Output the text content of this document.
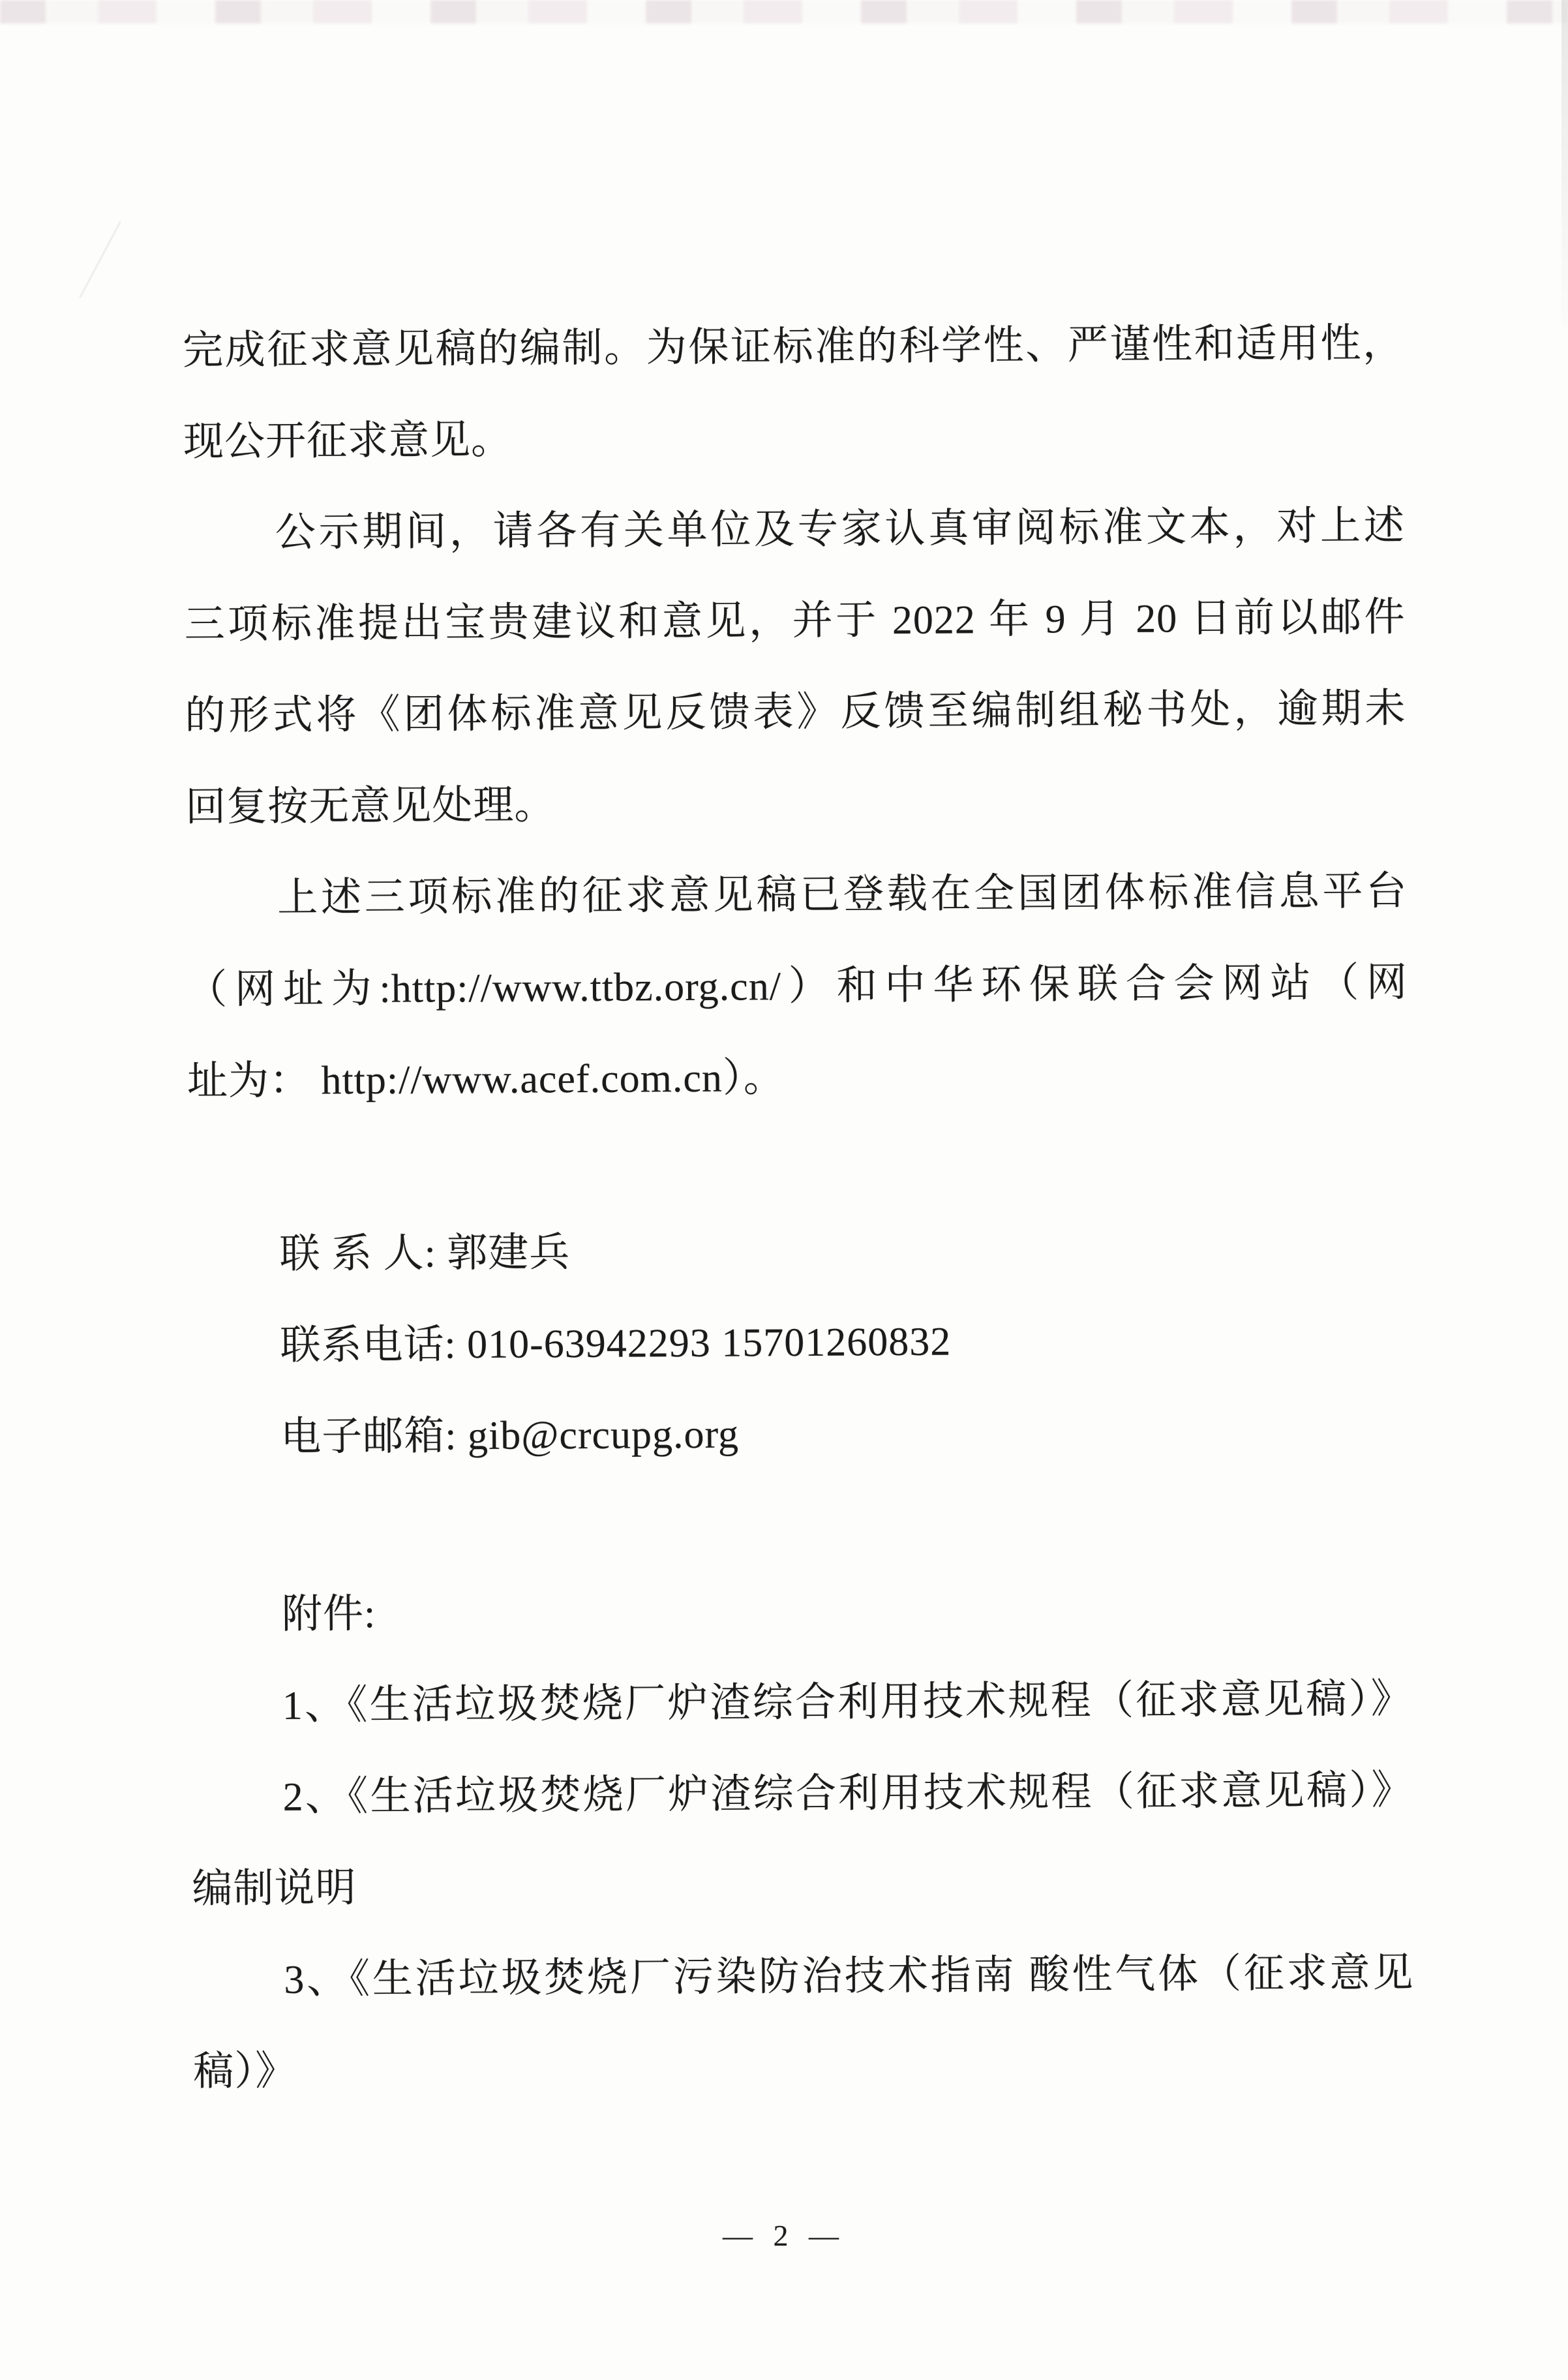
完成征求意见稿的编制。为保证标准的科学性、严谨性和适用性，
现公开征求意见。
公示期间，请各有关单位及专家认真审阅标准文本，对上述
三项标准提出宝贵建议和意见，并于 2022 年 9 月 20 日前以邮件
的形式将《团体标准意见反馈表》反馈至编制组秘书处，逾期未
回复按无意见处理。
上述三项标准的征求意见稿已登载在全国团体标准信息平台
（网址为:http://www.ttbz.org.cn/）和中华环保联合会网站（网
址为： http://www.acef.com.cn）。
联 系 人: 郭建兵
联系电话: 010-63942293 15701260832
电子邮箱: gib@crcupg.org
附件:
1、《生活垃圾焚烧厂炉渣综合利用技术规程（征求意见稿）》
2、《生活垃圾焚烧厂炉渣综合利用技术规程（征求意见稿）》
编制说明
3、《生活垃圾焚烧厂污染防治技术指南 酸性气体（征求意见
稿）》
— 2 —
